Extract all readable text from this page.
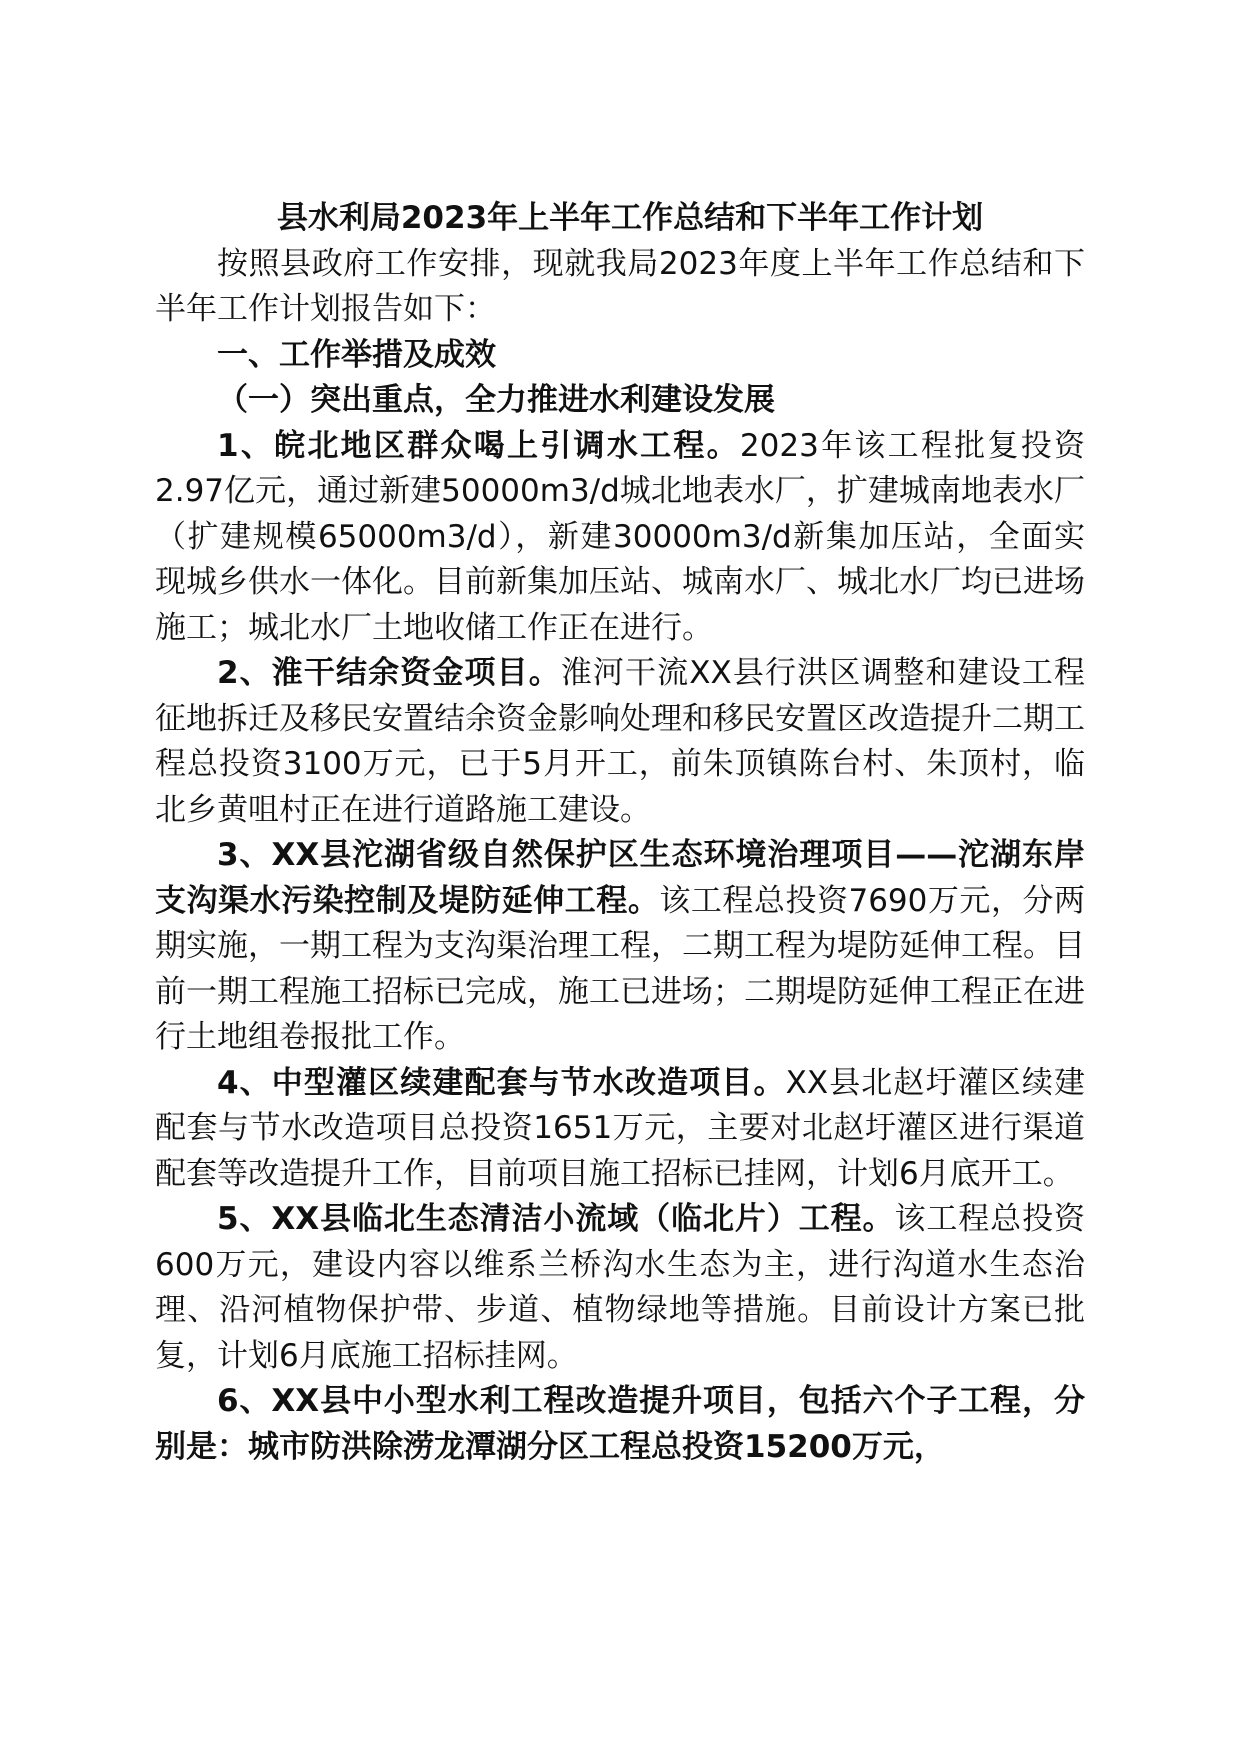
县水利局2023年上半年工作总结和下半年工作计划

按照县政府工作安排，现就我局2023年度上半年工作总结和下半年工作计划报告如下：

一、工作举措及成效

（一）突出重点，全力推进水利建设发展

1、皖北地区群众喝上引调水工程。2023年该工程批复投资2.97亿元，通过新建50000m3/d城北地表水厂，扩建城南地表水厂（扩建规模65000m3/d），新建30000m3/d新集加压站，全面实现城乡供水一体化。目前新集加压站、城南水厂、城北水厂均已进场施工；城北水厂土地收储工作正在进行。

2、淮干结余资金项目。淮河干流XX县行洪区调整和建设工程征地拆迁及移民安置结余资金影响处理和移民安置区改造提升二期工程总投资3100万元，已于5月开工，前朱顶镇陈台村、朱顶村，临北乡黄咀村正在进行道路施工建设。

3、XX县沱湖省级自然保护区生态环境治理项目——沱湖东岸支沟渠水污染控制及堤防延伸工程。该工程总投资7690万元，分两期实施，一期工程为支沟渠治理工程，二期工程为堤防延伸工程。目前一期工程施工招标已完成，施工已进场；二期堤防延伸工程正在进行土地组卷报批工作。

4、中型灌区续建配套与节水改造项目。XX县北赵圩灌区续建配套与节水改造项目总投资1651万元，主要对北赵圩灌区进行渠道配套等改造提升工作，目前项目施工招标已挂网，计划6月底开工。

5、XX县临北生态清洁小流域（临北片）工程。该工程总投资600万元，建设内容以维系兰桥沟水生态为主，进行沟道水生态治理、沿河植物保护带、步道、植物绿地等措施。目前设计方案已批复，计划6月底施工招标挂网。

6、XX县中小型水利工程改造提升项目，包括六个子工程，分别是：城市防洪除涝龙潭湖分区工程总投资15200万元，
